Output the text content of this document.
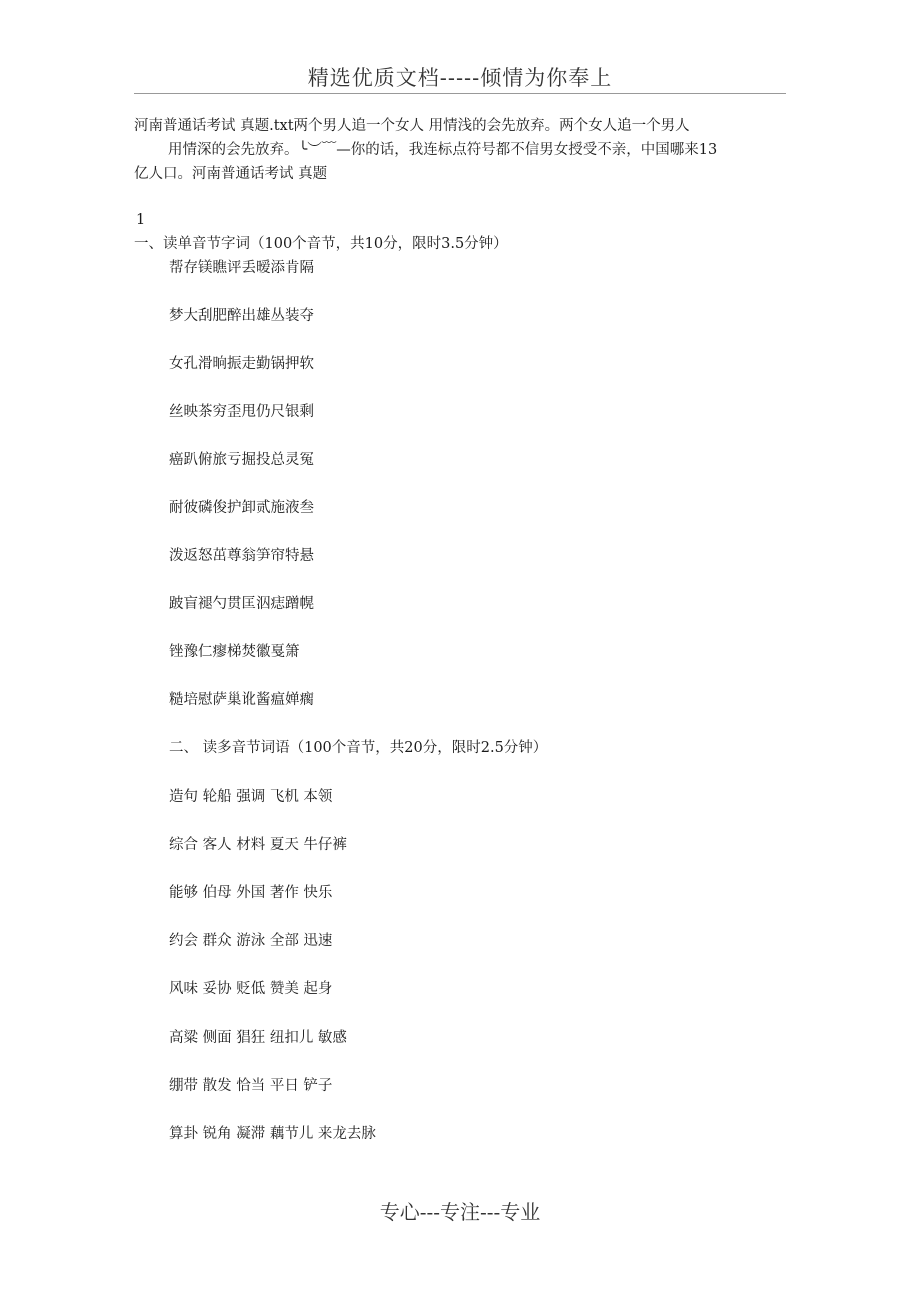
精选优质文档-----倾情为你奉上
河南普通话考试 真题.txt两个男人追一个女人 用情浅的会先放弃。两个女人追一个男人
用情深的会先放弃。╰︶﹋—你的话，我连标点符号都不信男女授受不亲，中国哪来13
亿人口。河南普通话考试 真题
1
一、读单音节字词（100个音节，共10分，限时3.5分钟）
帮存镁瞧评丢暧添肯隔
梦大刮肥醉出雄丛装夺
女孔滑晌振走勤锅押软
丝映茶穷歪甩仍尺银剩
癌趴俯旅亏掘投总灵冤
耐彼磷俊护卸贰施液叁
泼返怒茁尊翁笋帘特悬
跛盲褪勺贯匡泅痣蹭幌
锉豫仁瘳梯焚徽戛箫
糙培慰萨巢讹酱瘟婵瘸
二、 读多音节词语（100个音节，共20分，限时2.5分钟）
造句 轮船 强调 飞机 本领
综合 客人 材料 夏天 牛仔裤
能够 伯母 外国 著作 快乐
约会 群众 游泳 全部 迅速
风味 妥协 贬低 赞美 起身
高粱 侧面 猖狂 纽扣儿 敏感
绷带 散发 恰当 平日 铲子
算卦 锐角 凝滞 藕节儿 来龙去脉
专心---专注---专业
